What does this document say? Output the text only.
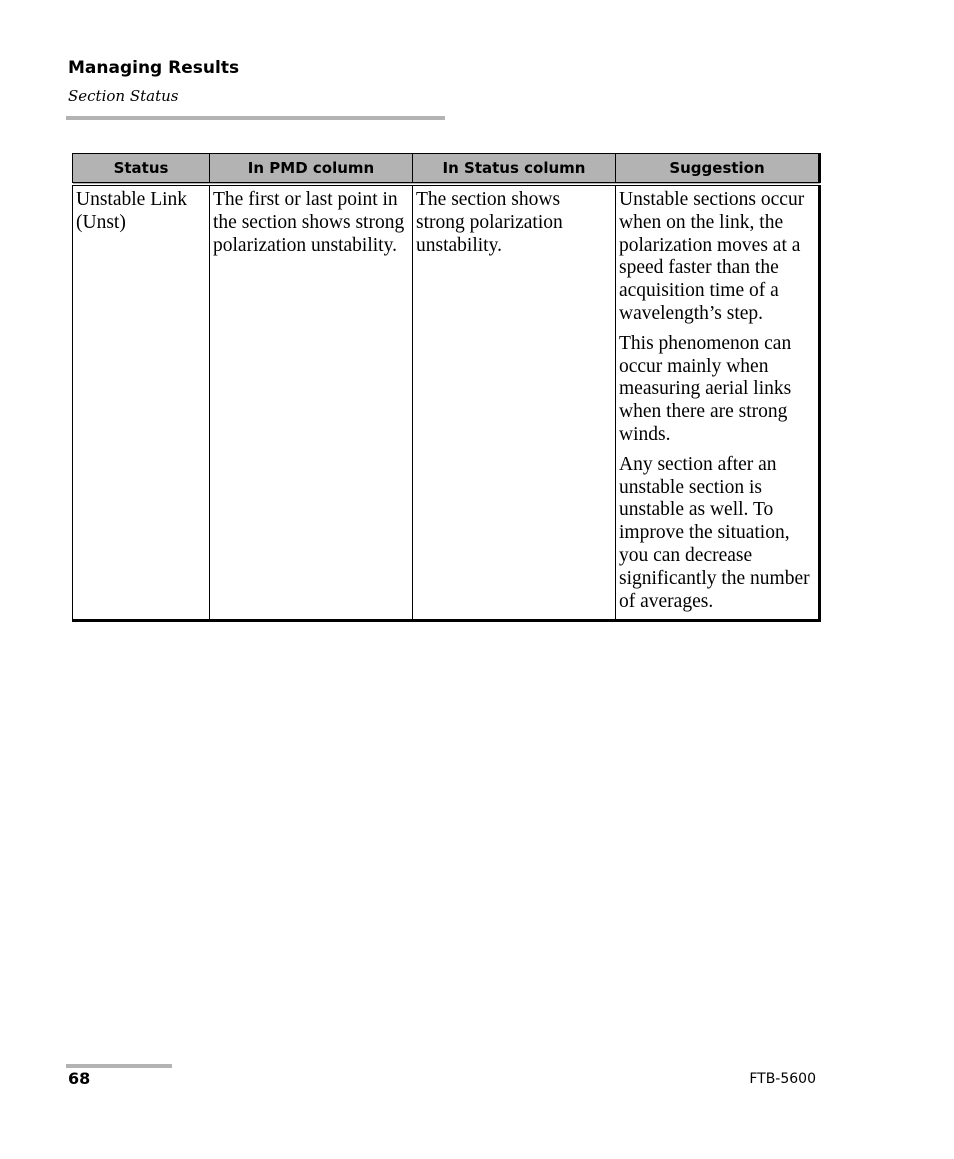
Managing Results
Section Status
Status	In PMD column	In Status column	Suggestion
Unstable Link (Unst)	The first or last point in the section shows strong polarization unstability.	The section shows strong polarization unstability.	Unstable sections occur when on the link, the polarization moves at a speed faster than the acquisition time of a wavelength’s step.

This phenomenon can occur mainly when measuring aerial links when there are strong winds.

Any section after an unstable section is unstable as well. To improve the situation, you can decrease significantly the number of averages.

68	FTB-5600
